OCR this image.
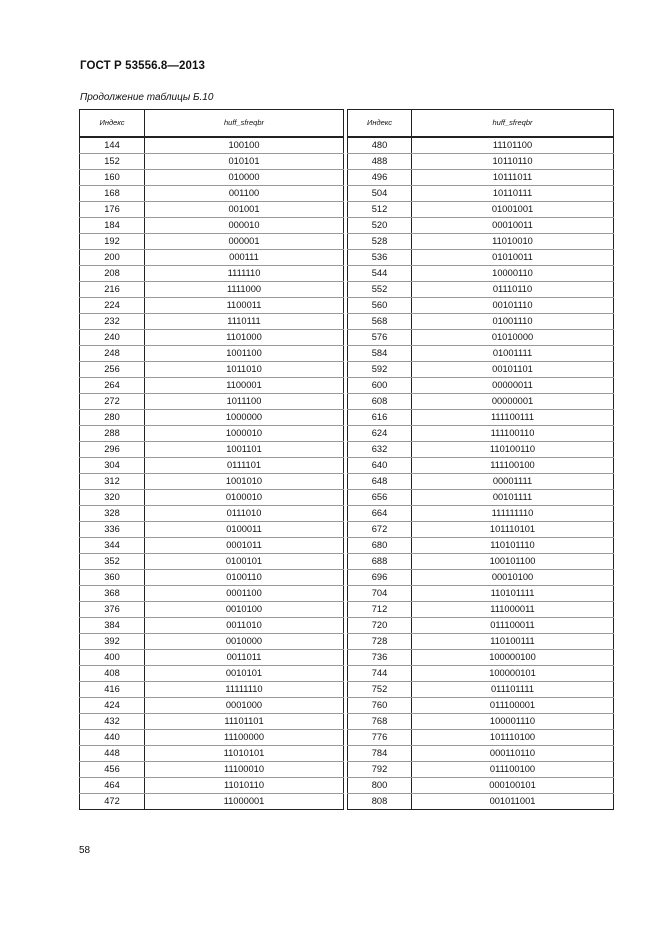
ГОСТ Р 53556.8—2013
Продолжение таблицы Б.10
Индекс	huff_sfreqbr
144	100100
152	010101
160	010000
168	001100
176	001001
184	000010
192	000001
200	000111
208	1111110
216	1111000
224	1100011
232	1110111
240	1101000
248	1001100
256	1011010
264	1100001
272	1011100
280	1000000
288	1000010
296	1001101
304	0111101
312	1001010
320	0100010
328	0111010
336	0100011
344	0001011
352	0100101
360	0100110
368	0001100
376	0010100
384	0011010
392	0010000
400	0011011
408	0010101
416	11111110
424	0001000
432	11101101
440	11100000
448	11010101
456	11100010
464	11010110
472	11000001
Индекс	huff_sfreqbr
480	11101100
488	10110110
496	10111011
504	10110111
512	01001001
520	00010011
528	11010010
536	01010011
544	10000110
552	01110110
560	00101110
568	01001110
576	01010000
584	01001111
592	00101101
600	00000011
608	00000001
616	111100111
624	111100110
632	110100110
640	111100100
648	00001111
656	00101111
664	111111110
672	101110101
680	110101110
688	100101100
696	00010100
704	110101111
712	111000011
720	011100011
728	110100111
736	100000100
744	100000101
752	011101111
760	011100001
768	100001110
776	101110100
784	000110110
792	011100100
800	000100101
808	001011001
58
